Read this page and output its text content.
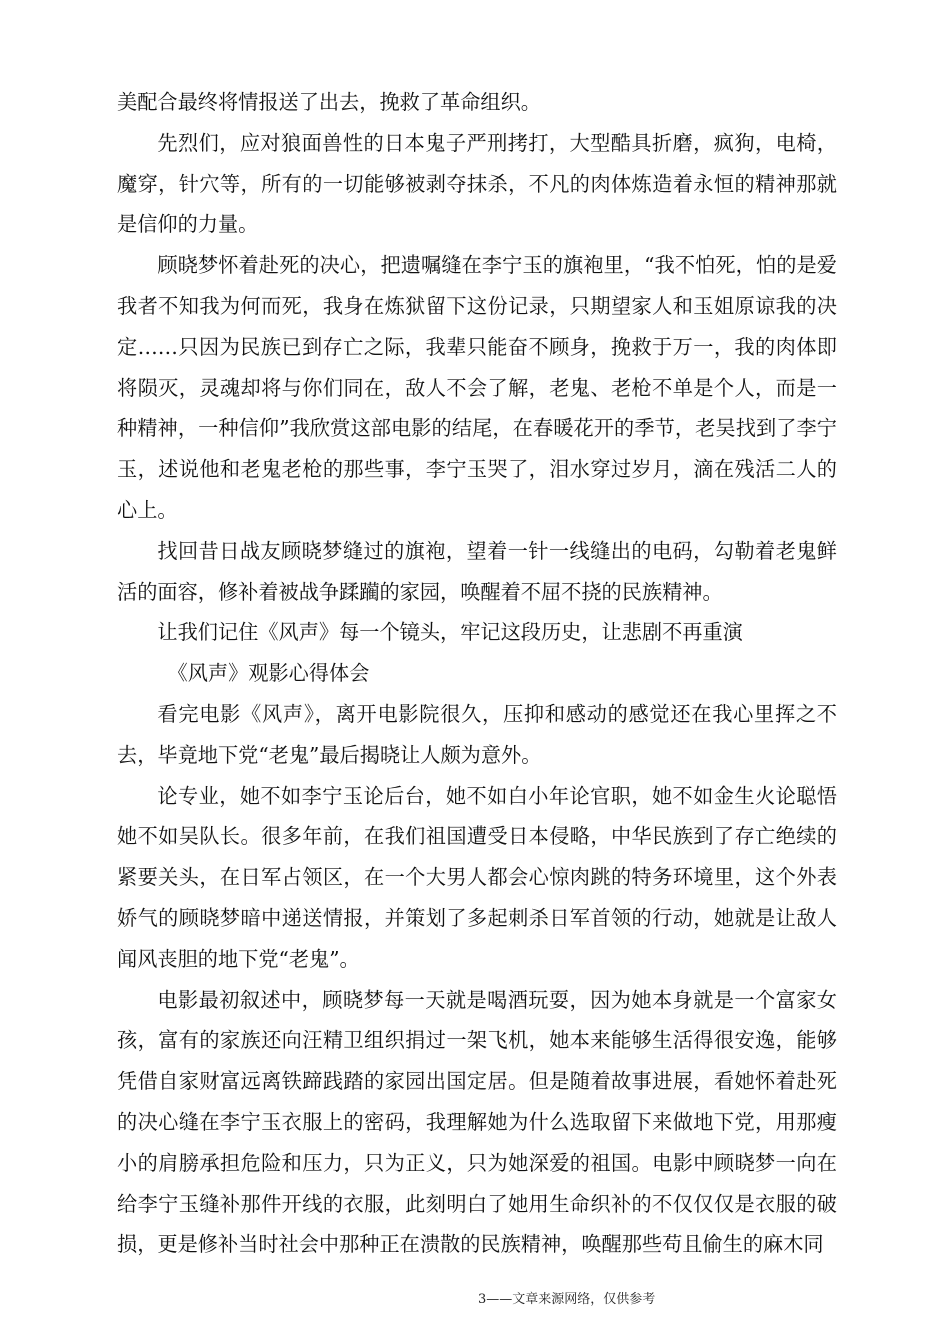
美配合最终将情报送了出去，挽救了革命组织。

先烈们，应对狼面兽性的日本鬼子严刑拷打，大型酷具折磨，疯狗，电椅，魔穿，针穴等，所有的一切能够被剥夺抹杀，不凡的肉体炼造着永恒的精神那就是信仰的力量。

顾晓梦怀着赴死的决心，把遗嘱缝在李宁玉的旗袍里，“我不怕死，怕的是爱我者不知我为何而死，我身在炼狱留下这份记录，只期望家人和玉姐原谅我的决定……只因为民族已到存亡之际，我辈只能奋不顾身，挽救于万一，我的肉体即将陨灭，灵魂却将与你们同在，敌人不会了解，老鬼、老枪不单是个人，而是一种精神，一种信仰”我欣赏这部电影的结尾，在春暖花开的季节，老吴找到了李宁玉，述说他和老鬼老枪的那些事，李宁玉哭了，泪水穿过岁月，滴在残活二人的心上。

找回昔日战友顾晓梦缝过的旗袍，望着一针一线缝出的电码，勾勒着老鬼鲜活的面容，修补着被战争蹂躏的家园，唤醒着不屈不挠的民族精神。

让我们记住《风声》每一个镜头，牢记这段历史，让悲剧不再重演

《风声》观影心得体会

看完电影《风声》，离开电影院很久，压抑和感动的感觉还在我心里挥之不去，毕竟地下党“老鬼”最后揭晓让人颇为意外。

论专业，她不如李宁玉论后台，她不如白小年论官职，她不如金生火论聪悟她不如吴队长。很多年前，在我们祖国遭受日本侵略，中华民族到了存亡绝续的紧要关头，在日军占领区，在一个大男人都会心惊肉跳的特务环境里，这个外表娇气的顾晓梦暗中递送情报，并策划了多起刺杀日军首领的行动，她就是让敌人闻风丧胆的地下党“老鬼”。

电影最初叙述中，顾晓梦每一天就是喝酒玩耍，因为她本身就是一个富家女孩，富有的家族还向汪精卫组织捐过一架飞机，她本来能够生活得很安逸，能够凭借自家财富远离铁蹄践踏的家园出国定居。但是随着故事进展，看她怀着赴死的决心缝在李宁玉衣服上的密码，我理解她为什么选取留下来做地下党，用那瘦小的肩膀承担危险和压力，只为正义，只为她深爱的祖国。电影中顾晓梦一向在给李宁玉缝补那件开线的衣服，此刻明白了她用生命织补的不仅仅仅是衣服的破损，更是修补当时社会中那种正在溃散的民族精神，唤醒那些苟且偷生的麻木同

3——文章来源网络，仅供参考
